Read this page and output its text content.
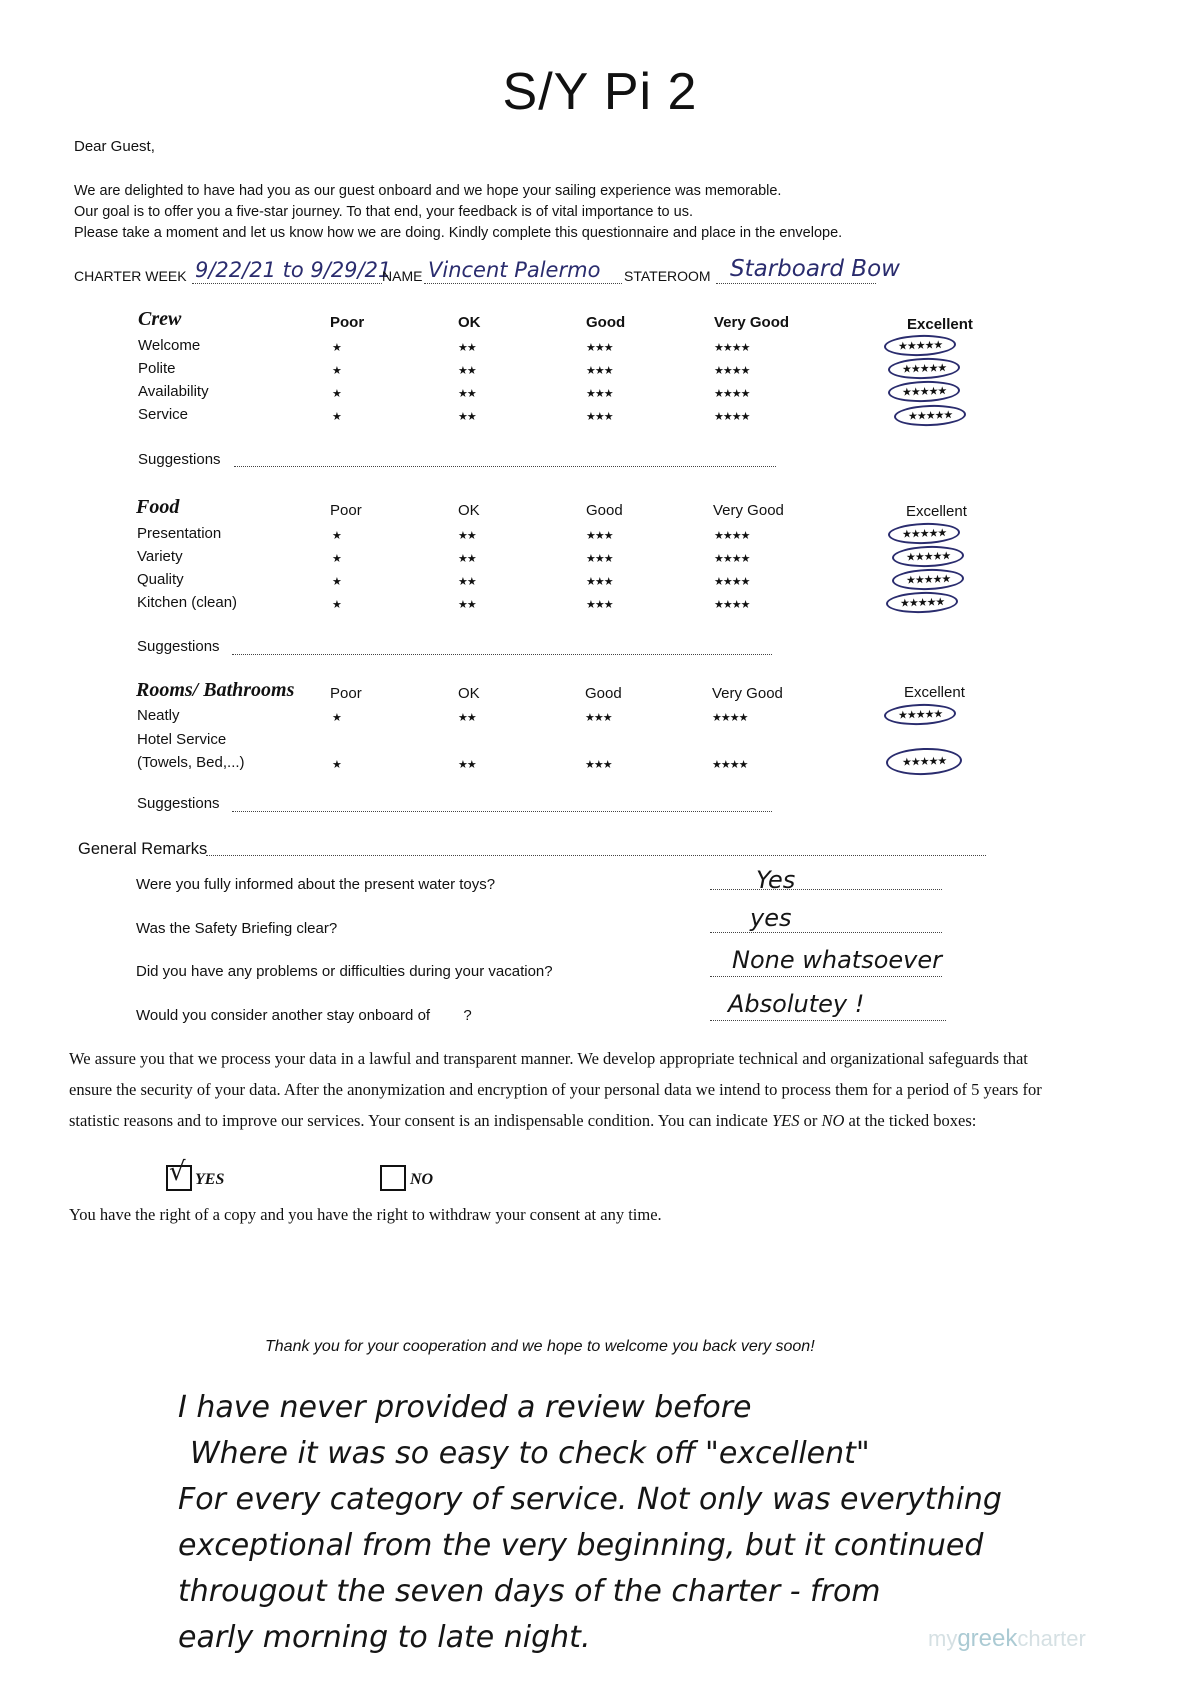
S/Y Pi 2
Dear Guest,
We are delighted to have had you as our guest onboard and we hope your sailing experience was memorable.
Our goal is to offer you a five-star journey. To that end, your feedback is of vital importance to us.
Please take a moment and let us know how we are doing. Kindly complete this questionnaire and place in the envelope.
CHARTER WEEK 9/22/21 to 9/29/21
NAME Vincent Palermo STATEROOM Starboard Bow
Crew	Poor	OK	Good	Very Good	Excellent
Welcome	★	★★	★★★	★★★★	★★★★★
Polite	★	★★	★★★	★★★★	★★★★★
Availability	★	★★	★★★	★★★★	★★★★★
Service	★	★★	★★★	★★★★	★★★★★
Suggestions
Food	Poor	OK	Good	Very Good	Excellent
Presentation	★	★★	★★★	★★★★	★★★★★
Variety	★	★★	★★★	★★★★	★★★★★
Quality	★	★★	★★★	★★★★	★★★★★
Kitchen (clean)	★	★★	★★★	★★★★	★★★★★
Suggestions
Rooms/ Bathrooms Poor	OK	Good	Very Good	Excellent
Neatly	★	★★	★★★	★★★★	★★★★★
Hotel Service
(Towels, Bed,...)	★	★★	★★★	★★★★	★★★★★
Suggestions
General Remarks
Were you fully informed about the present water toys?	Yes
Was the Safety Briefing clear?	yes
Did you have any problems or difficulties during your vacation?	None whatsoever
Would you consider another stay onboard of        ?	Absolutey !
We assure you that we process your data in a lawful and transparent manner. We develop appropriate technical and organizational safeguards that ensure the security of your data. After the anonymization and encryption of your personal data we intend to process them for a period of 5 years for statistic reasons and to improve our services. Your consent is an indispensable condition. You can indicate YES or NO at the ticked boxes:
√ YES	NO
You have the right of a copy and you have the right to withdraw your consent at any time.
Thank you for your cooperation and we hope to welcome you back very soon!
I have never provided a review before
Where it was so easy to check off "excellent"
For every category of service. Not only was everything
exceptional from the very beginning, but it continued
througout the seven days of the charter - from
early morning to late night.	mygreekcharter
